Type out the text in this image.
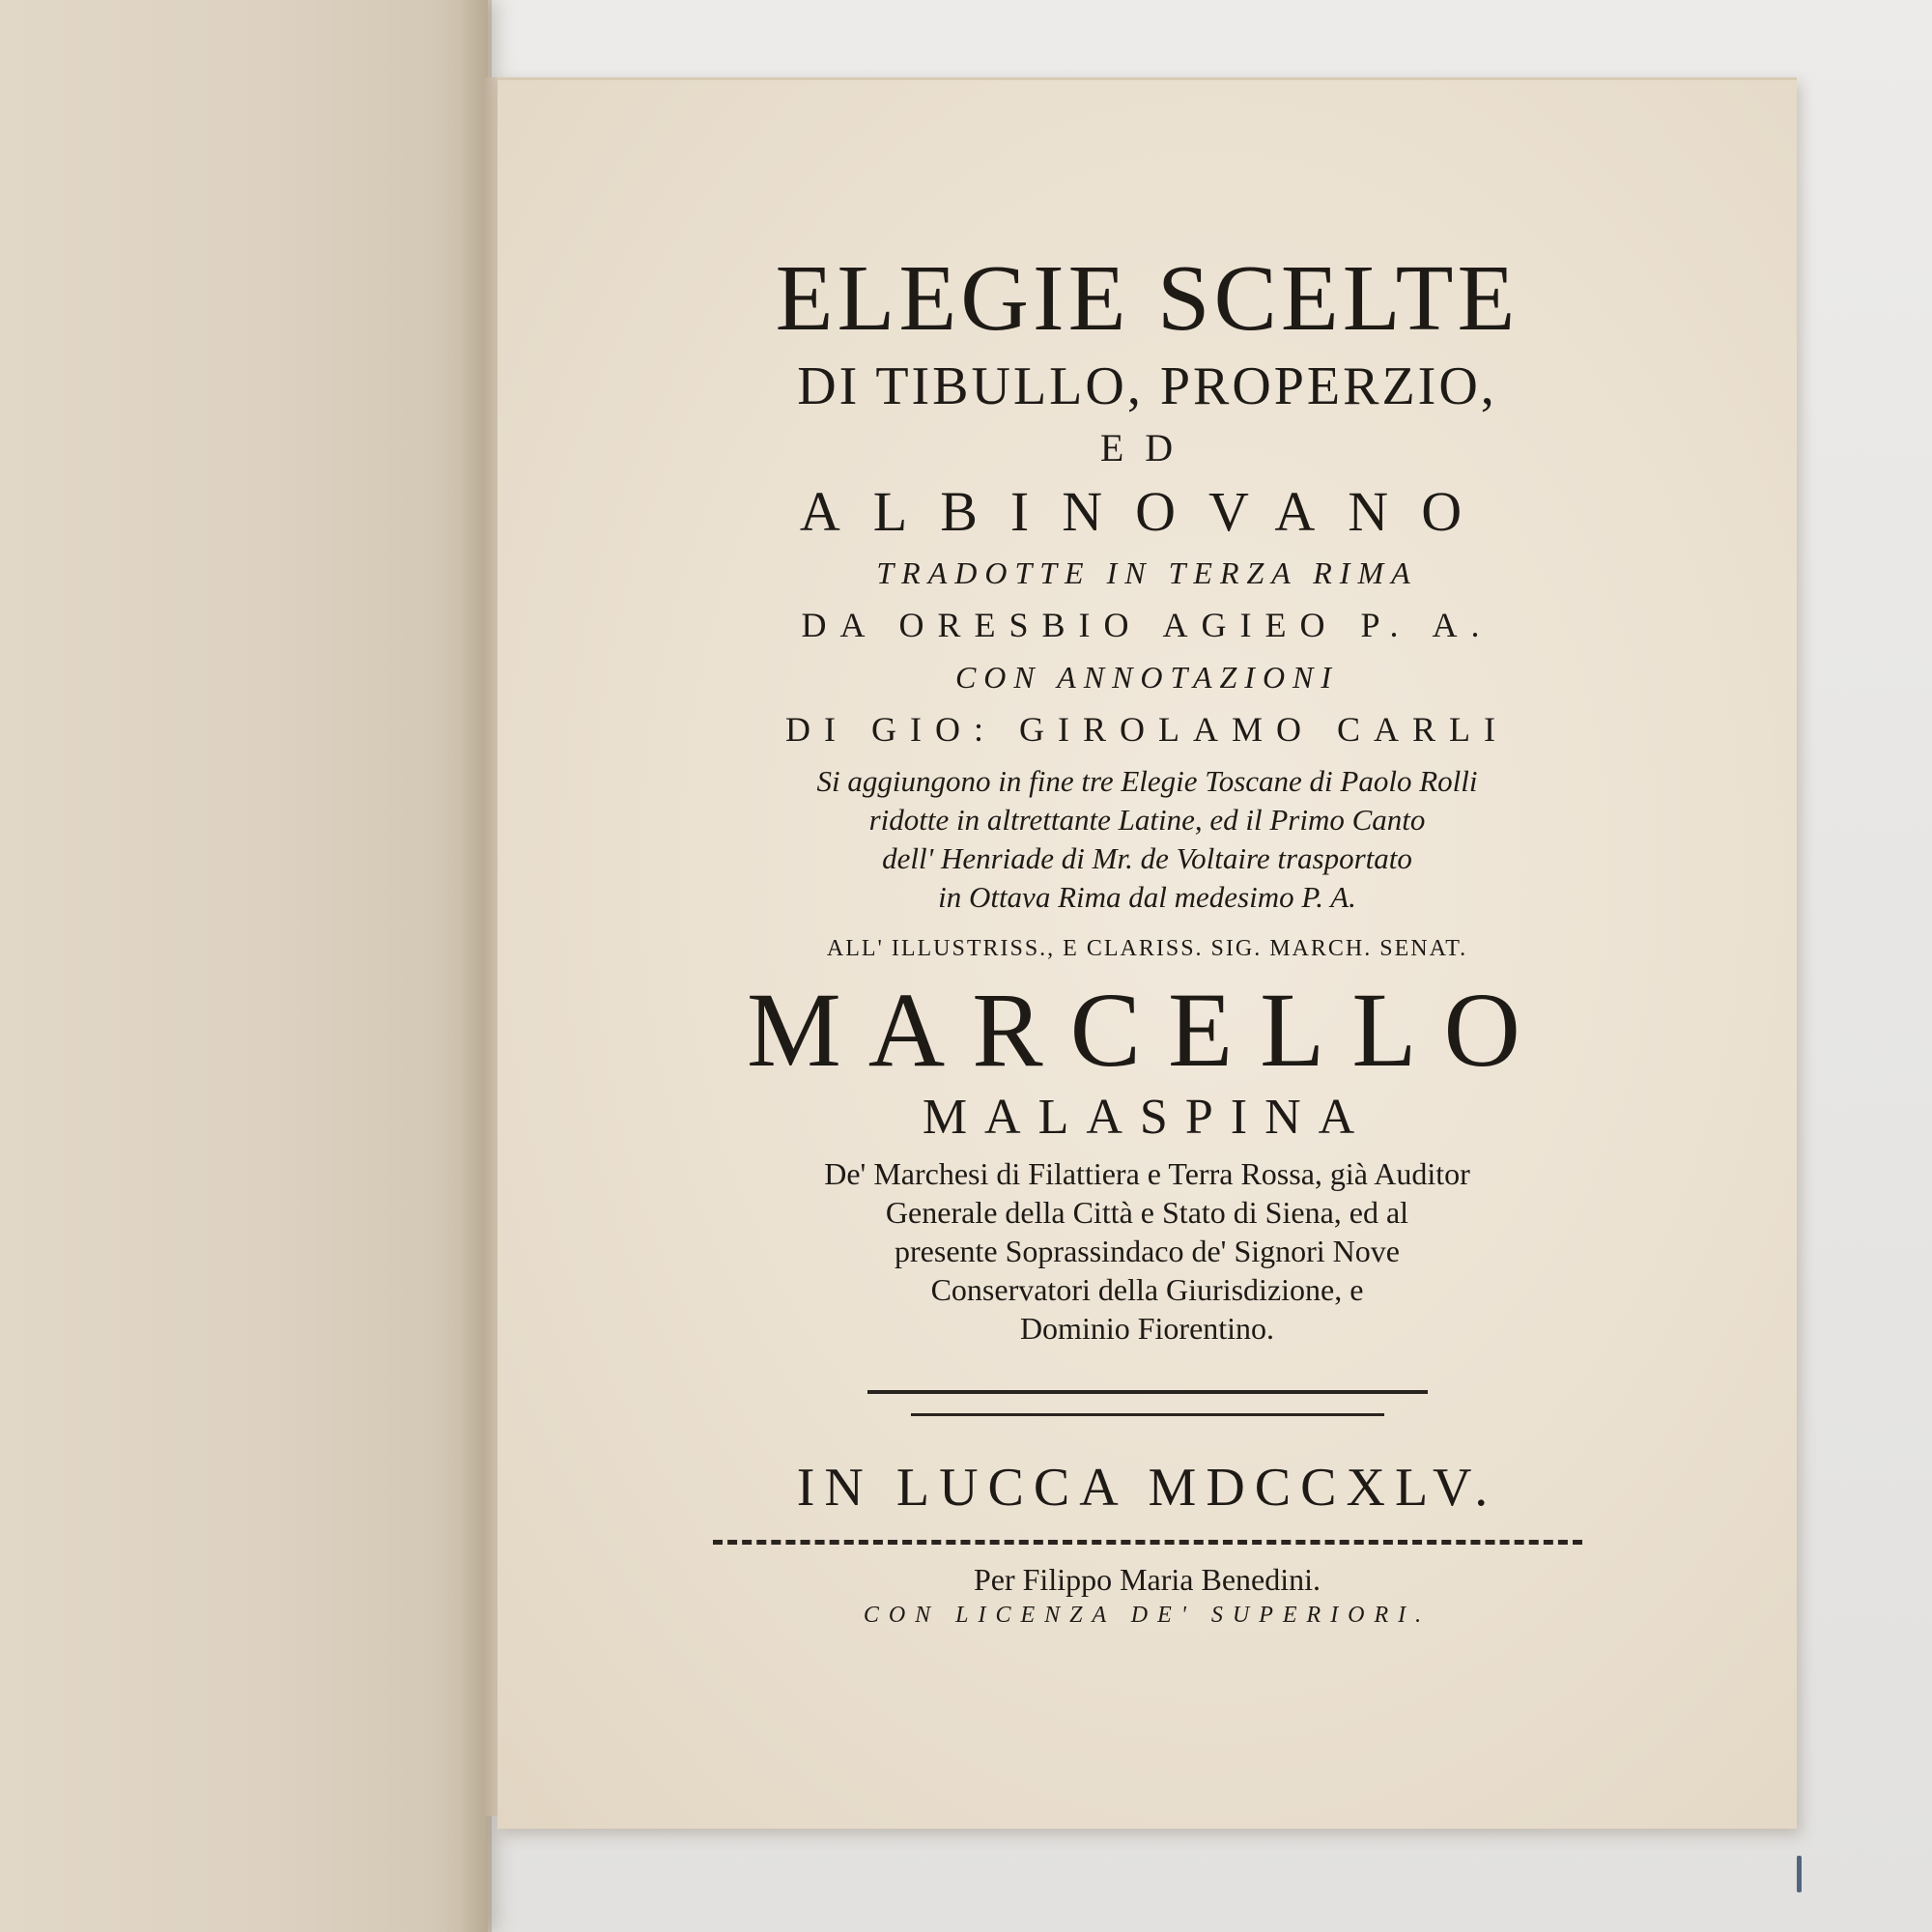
ELEGIE SCELTE
DI TIBULLO, PROPERZIO,
ED
ALBINOVANO
TRADOTTE IN TERZA RIMA
DA ORESBIO AGIEO P. A.
CON ANNOTAZIONI
DI GIO: GIROLAMO CARLI
Si aggiungono in fine tre Elegie Toscane di Paolo Rolli
ridotte in altrettante Latine, ed il Primo Canto
dell' Henriade di Mr. de Voltaire trasportato
in Ottava Rima dal medesimo P. A.
ALL' ILLUSTRISS., E CLARISS. SIG. MARCH. SENAT.
MARCELLO
MALASPINA
De' Marchesi di Filattiera e Terra Rossa, già Auditor
Generale della Città e Stato di Siena, ed al
presente Soprassindaco de' Signori Nove
Conservatori della Giurisdizione, e
Dominio Fiorentino.
IN LUCCA MDCCXLV.
Per Filippo Maria Benedini.
CON LICENZA DE' SUPERIORI.
